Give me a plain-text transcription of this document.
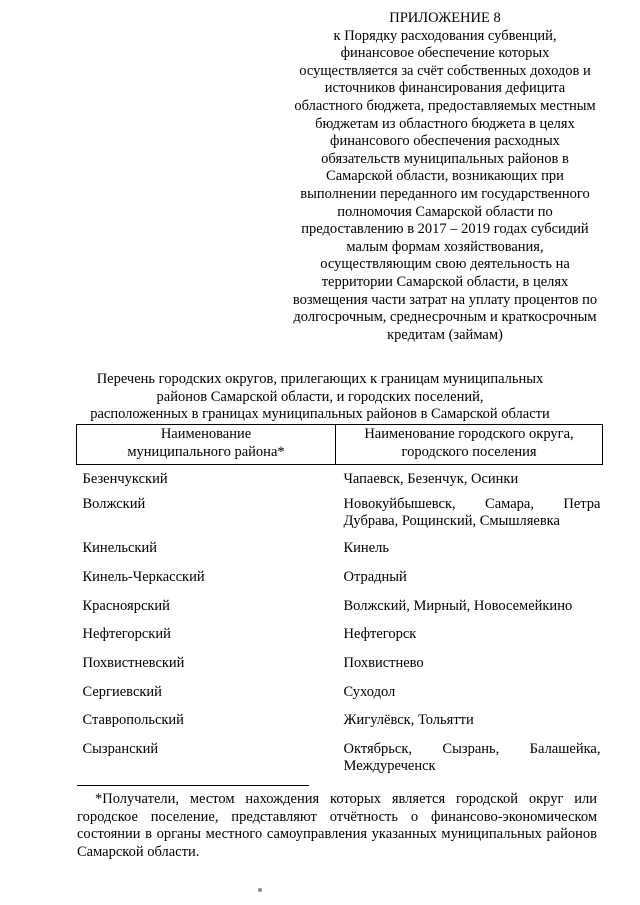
ПРИЛОЖЕНИЕ 8
к Порядку расходования субвенций,
финансовое обеспечение которых
осуществляется за счёт собственных доходов и
источников финансирования дефицита
областного бюджета, предоставляемых местным
бюджетам из областного бюджета в целях
финансового обеспечения расходных
обязательств муниципальных районов в
Самарской области, возникающих при
выполнении переданного им государственного
полномочия Самарской области по
предоставлению в 2017 – 2019 годах субсидий
малым формам хозяйствования,
осуществляющим свою деятельность на
территории Самарской области, в целях
возмещения части затрат на уплату процентов по
долгосрочным, среднесрочным и краткосрочным
кредитам (займам)
Перечень городских округов, прилегающих к границам муниципальных
районов Самарской области, и городских поселений,
расположенных в границах муниципальных районов в Самарской области
Наименование
муниципального района*	Наименование городского округа,
городского поселения
Безенчукский	Чапаевск, Безенчук, Осинки
Волжский	Новокуйбышевск, Самара, Петра Дубрава, Рощинский, Смышляевка
Кинельский	Кинель
Кинель-Черкасский	Отрадный
Красноярский	Волжский, Мирный, Новосемейкино
Нефтегорский	Нефтегорск
Похвистневский	Похвистнево
Сергиевский	Суходол
Ставропольский	Жигулёвск, Тольятти
Сызранский	Октябрьск, Сызрань, Балашейка, Междуреченск
*Получатели, местом нахождения которых является городской округ или городское поселение, представляют отчётность о финансово-экономическом состоянии в органы местного самоуправления указанных муниципальных районов Самарской области.
